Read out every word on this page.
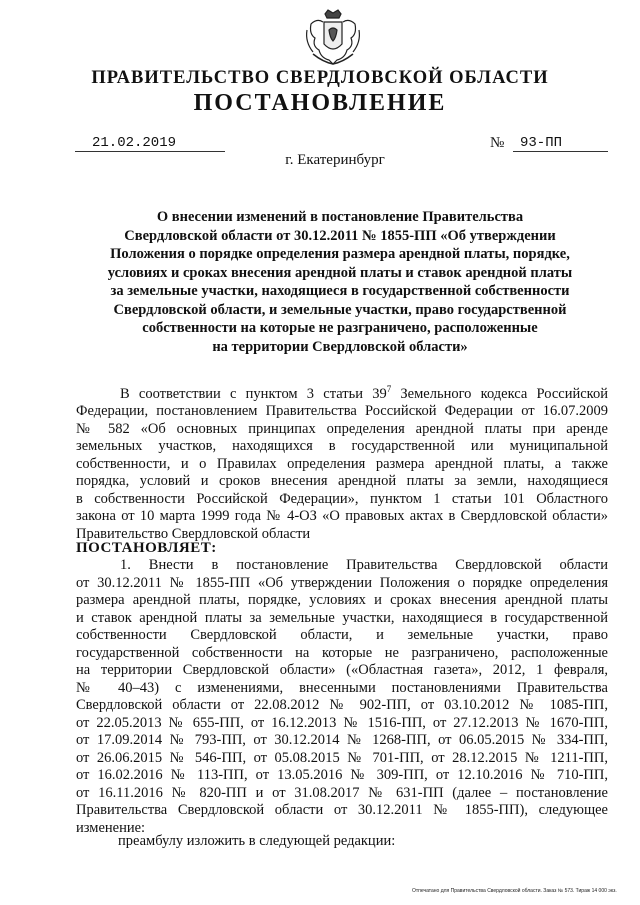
ПРАВИТЕЛЬСТВО СВЕРДЛОВСКОЙ ОБЛАСТИ
ПОСТАНОВЛЕНИЕ
21.02.2019	№ 93-ПП
г. Екатеринбург
О внесении изменений в постановление Правительства
Свердловской области от 30.12.2011 № 1855-ПП «Об утверждении
Положения о порядке определения размера арендной платы, порядке,
условиях и сроках внесения арендной платы и ставок арендной платы
за земельные участки, находящиеся в государственной собственности
Свердловской области, и земельные участки, право государственной
собственности на которые не разграничено, расположенные
на территории Свердловской области»
В соответствии с пунктом 3 статьи $39^7$ Земельного кодекса Российской
Федерации, постановлением Правительства Российской Федерации от 16.07.2009
№ 582 «Об основных принципах определения арендной платы при аренде
земельных участков, находящихся в государственной или муниципальной
собственности, и о Правилах определения размера арендной платы, а также
порядка, условий и сроков внесения арендной платы за земли, находящиеся
в собственности Российской Федерации», пунктом 1 статьи 101 Областного
закона от 10 марта 1999 года № 4-ОЗ «О правовых актах в Свердловской области»
Правительство Свердловской области
ПОСТАНОВЛЯЕТ:
1. Внести в постановление Правительства Свердловской области
от 30.12.2011 № 1855-ПП «Об утверждении Положения о порядке определения
размера арендной платы, порядке, условиях и сроках внесения арендной платы
и ставок арендной платы за земельные участки, находящиеся в государственной
собственности Свердловской области, и земельные участки, право
государственной собственности на которые не разграничено, расположенные
на территории Свердловской области» («Областная газета», 2012, 1 февраля,
№ 40–43) с изменениями, внесенными постановлениями Правительства
Свердловской области от 22.08.2012 № 902-ПП, от 03.10.2012 № 1085-ПП,
от 22.05.2013 № 655-ПП, от 16.12.2013 № 1516-ПП, от 27.12.2013 № 1670-ПП,
от 17.09.2014 № 793-ПП, от 30.12.2014 № 1268-ПП, от 06.05.2015 № 334-ПП,
от 26.06.2015 № 546-ПП, от 05.08.2015 № 701-ПП, от 28.12.2015 № 1211-ПП,
от 16.02.2016 № 113-ПП, от 13.05.2016 № 309-ПП, от 12.10.2016 № 710-ПП,
от 16.11.2016 № 820-ПП и от 31.08.2017 № 631-ПП (далее – постановление
Правительства Свердловской области от 30.12.2011 № 1855-ПП), следующее
изменение:
преамбулу изложить в следующей редакции:
Отпечатано для Правительства Свердловской области. Заказ № 573. Тираж 14 000 экз.
